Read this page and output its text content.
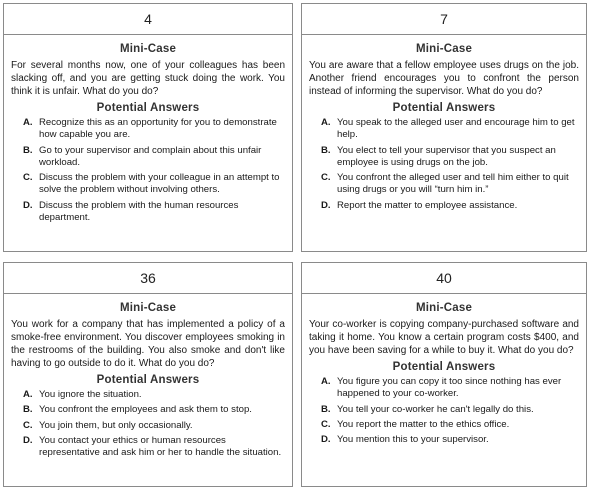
4
Mini-Case

For several months now, one of your colleagues has been slacking off, and you are getting stuck doing the work. You think it is unfair. What do you do?

Potential Answers
A. Recognize this as an opportunity for you to demonstrate how capable you are.
B. Go to your supervisor and complain about this unfair workload.
C. Discuss the problem with your colleague in an attempt to solve the problem without involving others.
D. Discuss the problem with the human resources department.
7
Mini-Case

You are aware that a fellow employee uses drugs on the job. Another friend encourages you to confront the person instead of informing the supervisor. What do you do?

Potential Answers
A. You speak to the alleged user and encourage him to get help.
B. You elect to tell your supervisor that you suspect an employee is using drugs on the job.
C. You confront the alleged user and tell him either to quit using drugs or you will “turn him in.”
D. Report the matter to employee assistance.
36
Mini-Case

You work for a company that has implemented a policy of a smoke-free environment. You discover employees smoking in the restrooms of the building. You also smoke and don't like having to go outside to do it. What do you do?

Potential Answers
A. You ignore the situation.
B. You confront the employees and ask them to stop.
C. You join them, but only occasionally.
D. You contact your ethics or human resources representative and ask him or her to handle the situation.
40
Mini-Case

Your co-worker is copying company-purchased software and taking it home. You know a certain program costs $400, and you have been saving for a while to buy it. What do you do?

Potential Answers
A. You figure you can copy it too since nothing has ever happened to your co-worker.
B. You tell your co-worker he can't legally do this.
C. You report the matter to the ethics office.
D. You mention this to your supervisor.
